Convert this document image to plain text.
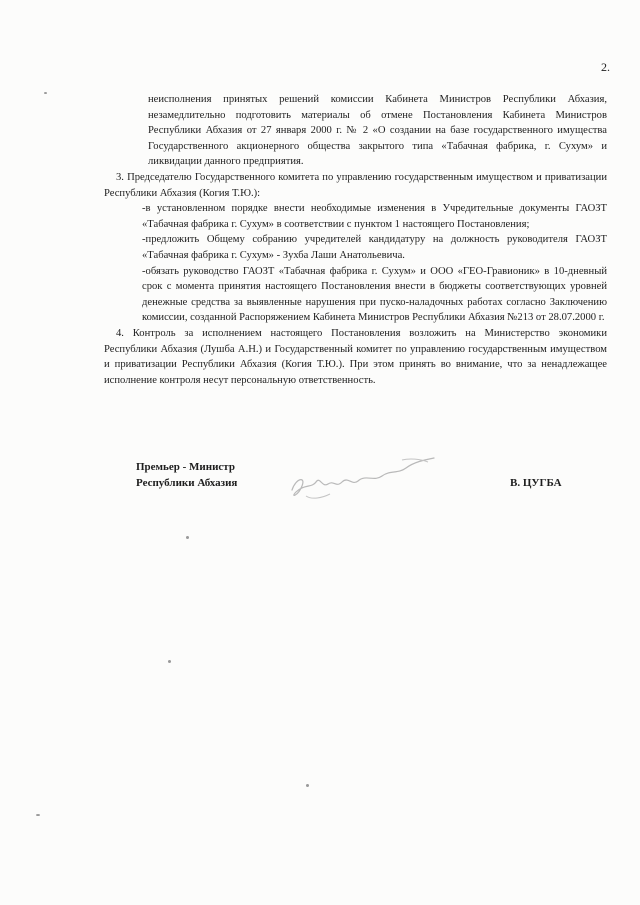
2.

неисполнения принятых решений комиссии Кабинета Министров Республики Абхазия, незамедлительно подготовить материалы об отмене Постановления Кабинета Министров Республики Абхазия от 27 января 2000 г. № 2 «О создании на базе государственного имущества Государственного акционерного общества закрытого типа «Табачная фабрика, г. Сухум» и ликвидации данного предприятия.

3. Председателю Государственного комитета по управлению государственным имуществом и приватизации Республики Абхазия (Когия Т.Ю.):

-в установленном порядке внести необходимые изменения в Учредительные документы ГАОЗТ «Табачная фабрика г. Сухум» в соответствии с пунктом 1 настоящего Постановления;

-предложить Общему собранию учредителей кандидатуру на должность руководителя ГАОЗТ «Табачная фабрика г. Сухум» - Зухба Лаши Анатольевича.

-обязать руководство ГАОЗТ «Табачная фабрика г. Сухум» и ООО «ГЕО-Гравионик» в 10-дневный срок с момента принятия настоящего Постановления внести в бюджеты соответствующих уровней денежные средства за выявленные нарушения при пуско-наладочных работах согласно Заключению комиссии, созданной Распоряжением Кабинета Министров Республики Абхазия №213 от 28.07.2000 г.

4. Контроль за исполнением настоящего Постановления возложить на Министерство экономики Республики Абхазия (Лушба А.Н.) и Государственный комитет по управлению государственным имуществом и приватизации Республики Абхазия (Когия Т.Ю.). При этом принять во внимание, что за ненадлежащее исполнение контроля несут персональную ответственность.

Премьер - Министр
Республики Абхазия	В. ЦУГБА
